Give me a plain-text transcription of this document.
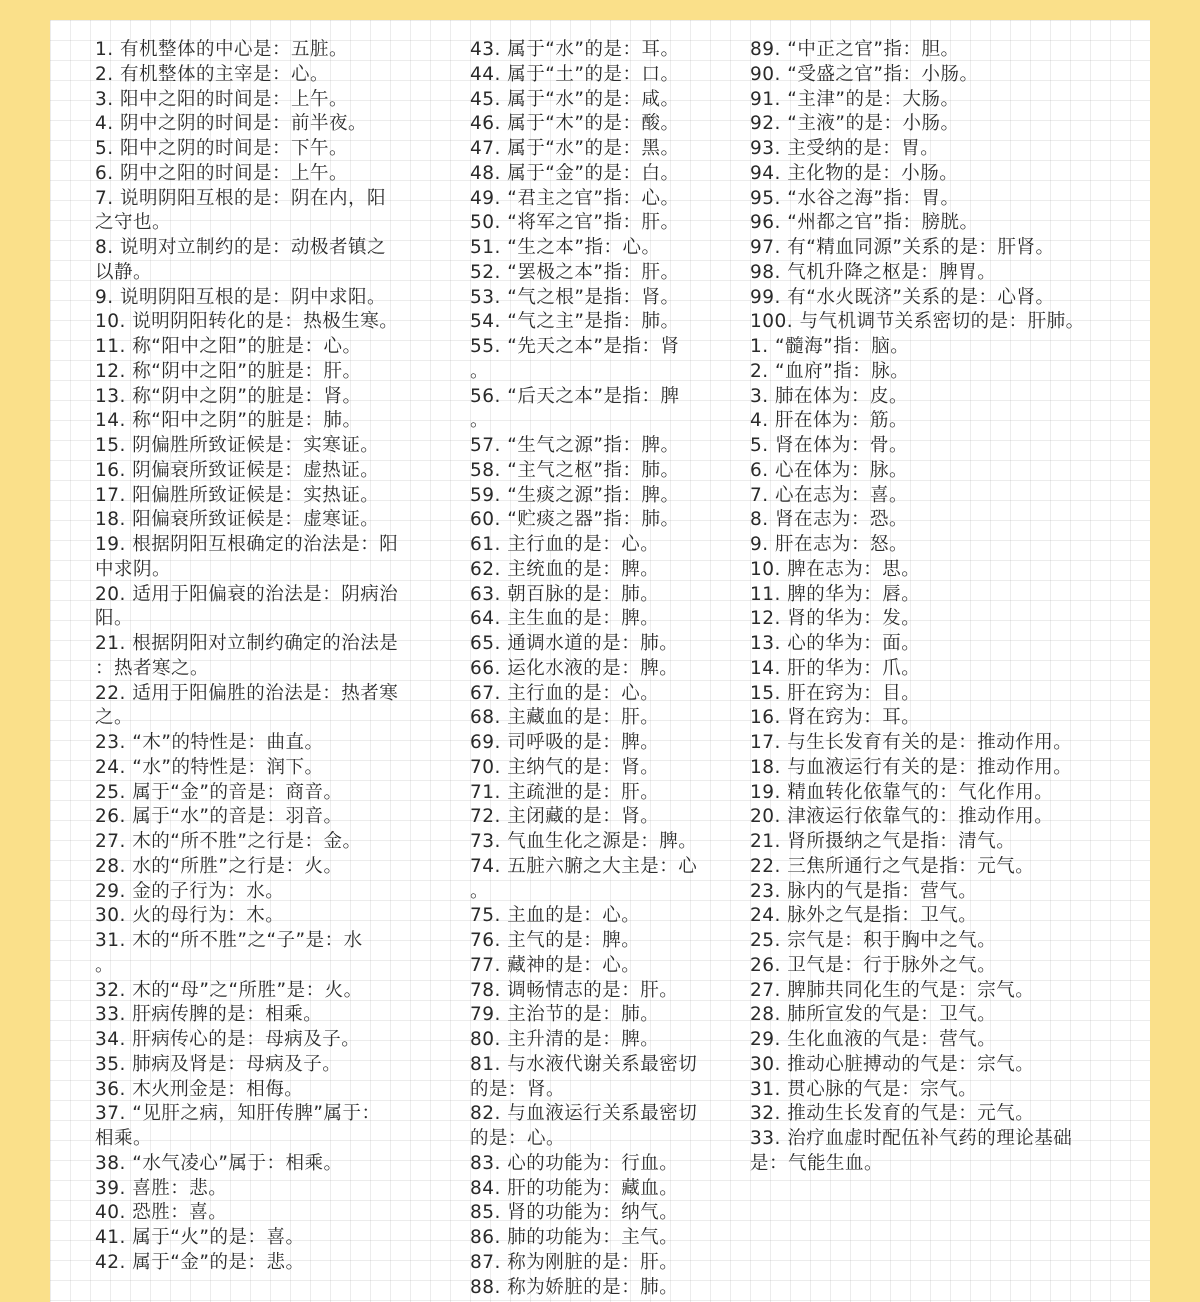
1. 有机整体的中心是：五脏。
2. 有机整体的主宰是：心。
3. 阳中之阳的时间是：上午。
4. 阴中之阴的时间是：前半夜。
5. 阳中之阴的时间是：下午。
6. 阴中之阳的时间是：上午。
7. 说明阴阳互根的是：阴在内，阳
之守也。
8. 说明对立制约的是：动极者镇之
以静。
9. 说明阴阳互根的是：阴中求阳。
10. 说明阴阳转化的是：热极生寒。
11. 称“阳中之阳”的脏是：心。
12. 称“阴中之阳”的脏是：肝。
13. 称“阴中之阴”的脏是：肾。
14. 称“阳中之阴”的脏是：肺。
15. 阴偏胜所致证候是：实寒证。
16. 阴偏衰所致证候是：虚热证。
17. 阳偏胜所致证候是：实热证。
18. 阳偏衰所致证候是：虚寒证。
19. 根据阴阳互根确定的治法是：阳
中求阴。
20. 适用于阳偏衰的治法是：阴病治
阳。
21. 根据阴阳对立制约确定的治法是
：热者寒之。
22. 适用于阳偏胜的治法是：热者寒
之。
23. “木”的特性是：曲直。
24. “水”的特性是：润下。
25. 属于“金”的音是：商音。
26. 属于“水”的音是：羽音。
27. 木的“所不胜”之行是：金。
28. 水的“所胜”之行是：火。
29. 金的子行为：水。
30. 火的母行为：木。
31. 木的“所不胜”之“子”是：水
。
32. 木的“母”之“所胜”是：火。
33. 肝病传脾的是：相乘。
34. 肝病传心的是：母病及子。
35. 肺病及肾是：母病及子。
36. 木火刑金是：相侮。
37. “见肝之病，知肝传脾”属于：
相乘。
38. “水气凌心”属于：相乘。
39. 喜胜：悲。
40. 恐胜：喜。
41. 属于“火”的是：喜。
42. 属于“金”的是：悲。
43. 属于“水”的是：耳。
44. 属于“土”的是：口。
45. 属于“水”的是：咸。
46. 属于“木”的是：酸。
47. 属于“水”的是：黑。
48. 属于“金”的是：白。
49. “君主之官”指：心。
50. “将军之官”指：肝。
51. “生之本”指：心。
52. “罢极之本”指：肝。
53. “气之根”是指：肾。
54. “气之主”是指：肺。
55. “先天之本”是指：肾
。
56. “后天之本”是指：脾
。
57. “生气之源”指：脾。
58. “主气之枢”指：肺。
59. “生痰之源”指：脾。
60. “贮痰之器”指：肺。
61. 主行血的是：心。
62. 主统血的是：脾。
63. 朝百脉的是：肺。
64. 主生血的是：脾。
65. 通调水道的是：肺。
66. 运化水液的是：脾。
67. 主行血的是：心。
68. 主藏血的是：肝。
69. 司呼吸的是：脾。
70. 主纳气的是：肾。
71. 主疏泄的是：肝。
72. 主闭藏的是：肾。
73. 气血生化之源是：脾。
74. 五脏六腑之大主是：心
。
75. 主血的是：心。
76. 主气的是：脾。
77. 藏神的是：心。
78. 调畅情志的是：肝。
79. 主治节的是：肺。
80. 主升清的是：脾。
81. 与水液代谢关系最密切
的是：肾。
82. 与血液运行关系最密切
的是：心。
83. 心的功能为：行血。
84. 肝的功能为：藏血。
85. 肾的功能为：纳气。
86. 肺的功能为：主气。
87. 称为刚脏的是：肝。
88. 称为娇脏的是：肺。
89. “中正之官”指：胆。
90. “受盛之官”指：小肠。
91. “主津”的是：大肠。
92. “主液”的是：小肠。
93. 主受纳的是：胃。
94. 主化物的是：小肠。
95. “水谷之海”指：胃。
96. “州都之官”指：膀胱。
97. 有“精血同源”关系的是：肝肾。
98. 气机升降之枢是：脾胃。
99. 有“水火既济”关系的是：心肾。
100. 与气机调节关系密切的是：肝肺。
1. “髓海”指：脑。
2. “血府”指：脉。
3. 肺在体为：皮。
4. 肝在体为：筋。
5. 肾在体为：骨。
6. 心在体为：脉。
7. 心在志为：喜。
8. 肾在志为：恐。
9. 肝在志为：怒。
10. 脾在志为：思。
11. 脾的华为：唇。
12. 肾的华为：发。
13. 心的华为：面。
14. 肝的华为：爪。
15. 肝在窍为：目。
16. 肾在窍为：耳。
17. 与生长发育有关的是：推动作用。
18. 与血液运行有关的是：推动作用。
19. 精血转化依靠气的：气化作用。
20. 津液运行依靠气的：推动作用。
21. 肾所摄纳之气是指：清气。
22. 三焦所通行之气是指：元气。
23. 脉内的气是指：营气。
24. 脉外之气是指：卫气。
25. 宗气是：积于胸中之气。
26. 卫气是：行于脉外之气。
27. 脾肺共同化生的气是：宗气。
28. 肺所宣发的气是：卫气。
29. 生化血液的气是：营气。
30. 推动心脏搏动的气是：宗气。
31. 贯心脉的气是：宗气。
32. 推动生长发育的气是：元气。
33. 治疗血虚时配伍补气药的理论基础
是：气能生血。
